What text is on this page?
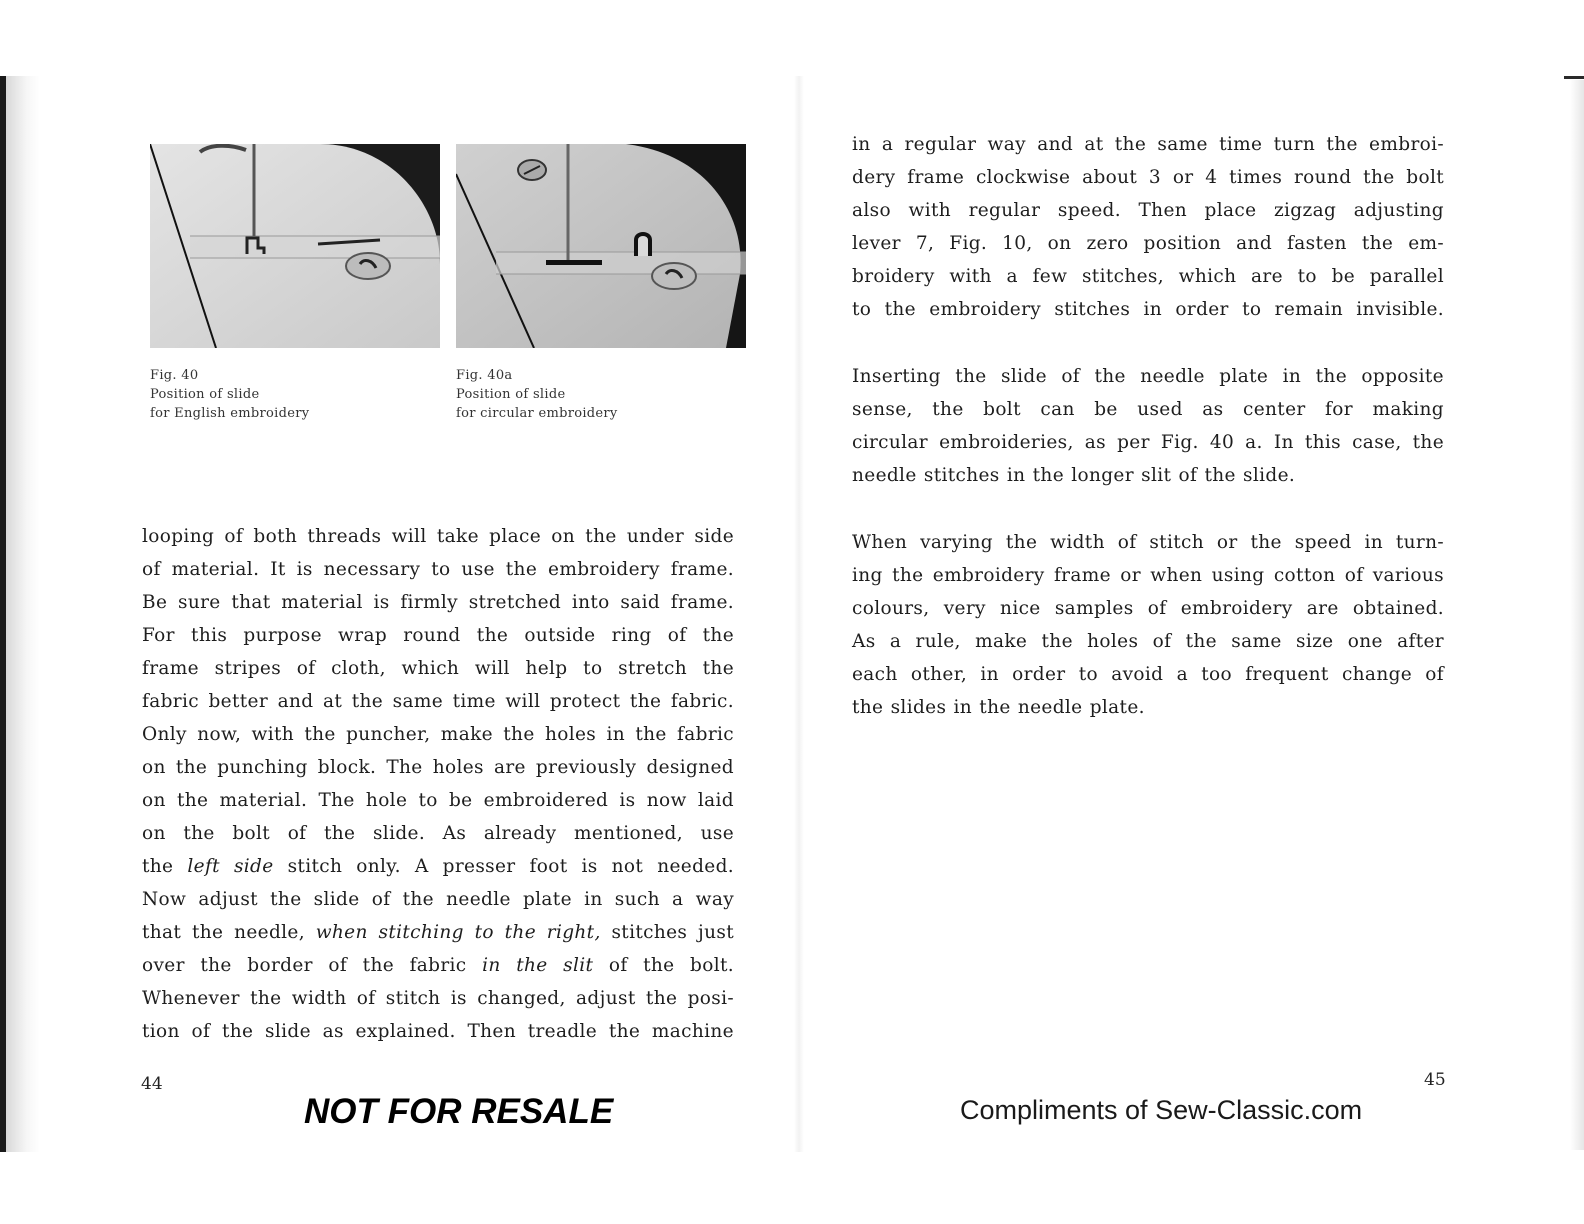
Fig. 40
Position of slide
for English embroidery
Fig. 40a
Position of slide
for circular embroidery
looping of both threads will take place on the under side
of material. It is necessary to use the embroidery frame.
Be sure that material is firmly stretched into said frame.
For this purpose wrap round the outside ring of the
frame stripes of cloth, which will help to stretch the
fabric better and at the same time will protect the fabric.
Only now, with the puncher, make the holes in the fabric
on the punching block. The holes are previously designed
on the material. The hole to be embroidered is now laid
on the bolt of the slide. As already mentioned, use
the left side stitch only. A presser foot is not needed.
Now adjust the slide of the needle plate in such a way
that the needle, when stitching to the right, stitches just
over the border of the fabric in the slit of the bolt.
Whenever the width of stitch is changed, adjust the posi-
tion of the slide as explained. Then treadle the machine
in a regular way and at the same time turn the embroi-
dery frame clockwise about 3 or 4 times round the bolt
also with regular speed. Then place zigzag adjusting
lever 7, Fig. 10, on zero position and fasten the em-
broidery with a few stitches, which are to be parallel
to the embroidery stitches in order to remain invisible.
Inserting the slide of the needle plate in the opposite
sense, the bolt can be used as center for making
circular embroideries, as per Fig. 40 a. In this case, the
needle stitches in the longer slit of the slide.
When varying the width of stitch or the speed in turn-
ing the embroidery frame or when using cotton of various
colours, very nice samples of embroidery are obtained.
As a rule, make the holes of the same size one after
each other, in order to avoid a too frequent change of
the slides in the needle plate.
44	45
NOT FOR RESALE	Compliments of Sew-Classic.com
